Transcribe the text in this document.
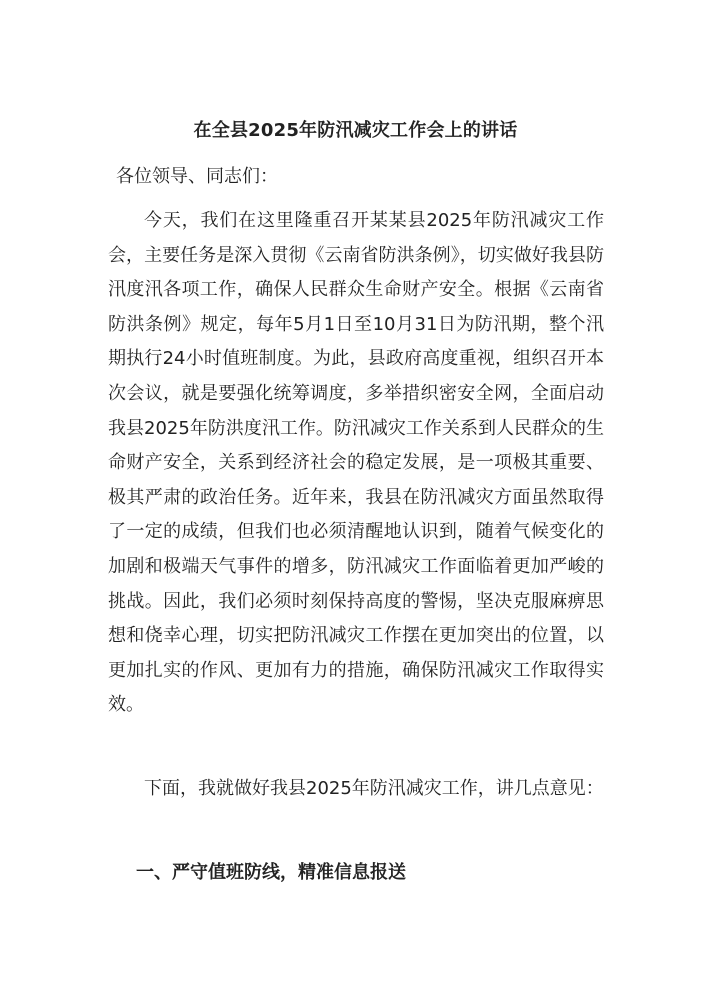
在全县2025年防汛减灾工作会上的讲话
各位领导、同志们：

今天，我们在这里隆重召开某某县2025年防汛减灾工作会，主要任务是深入贯彻《云南省防洪条例》，切实做好我县防汛度汛各项工作，确保人民群众生命财产安全。根据《云南省防洪条例》规定，每年5月1日至10月31日为防汛期，整个汛期执行24小时值班制度。为此，县政府高度重视，组织召开本次会议，就是要强化统筹调度，多举措织密安全网，全面启动我县2025年防洪度汛工作。防汛减灾工作关系到人民群众的生命财产安全，关系到经济社会的稳定发展，是一项极其重要、极其严肃的政治任务。近年来，我县在防汛减灾方面虽然取得了一定的成绩，但我们也必须清醒地认识到，随着气候变化的加剧和极端天气事件的增多，防汛减灾工作面临着更加严峻的挑战。因此，我们必须时刻保持高度的警惕，坚决克服麻痹思想和侥幸心理，切实把防汛减灾工作摆在更加突出的位置，以更加扎实的作风、更加有力的措施，确保防汛减灾工作取得实效。

下面，我就做好我县2025年防汛减灾工作，讲几点意见：

一、严守值班防线，精准信息报送
